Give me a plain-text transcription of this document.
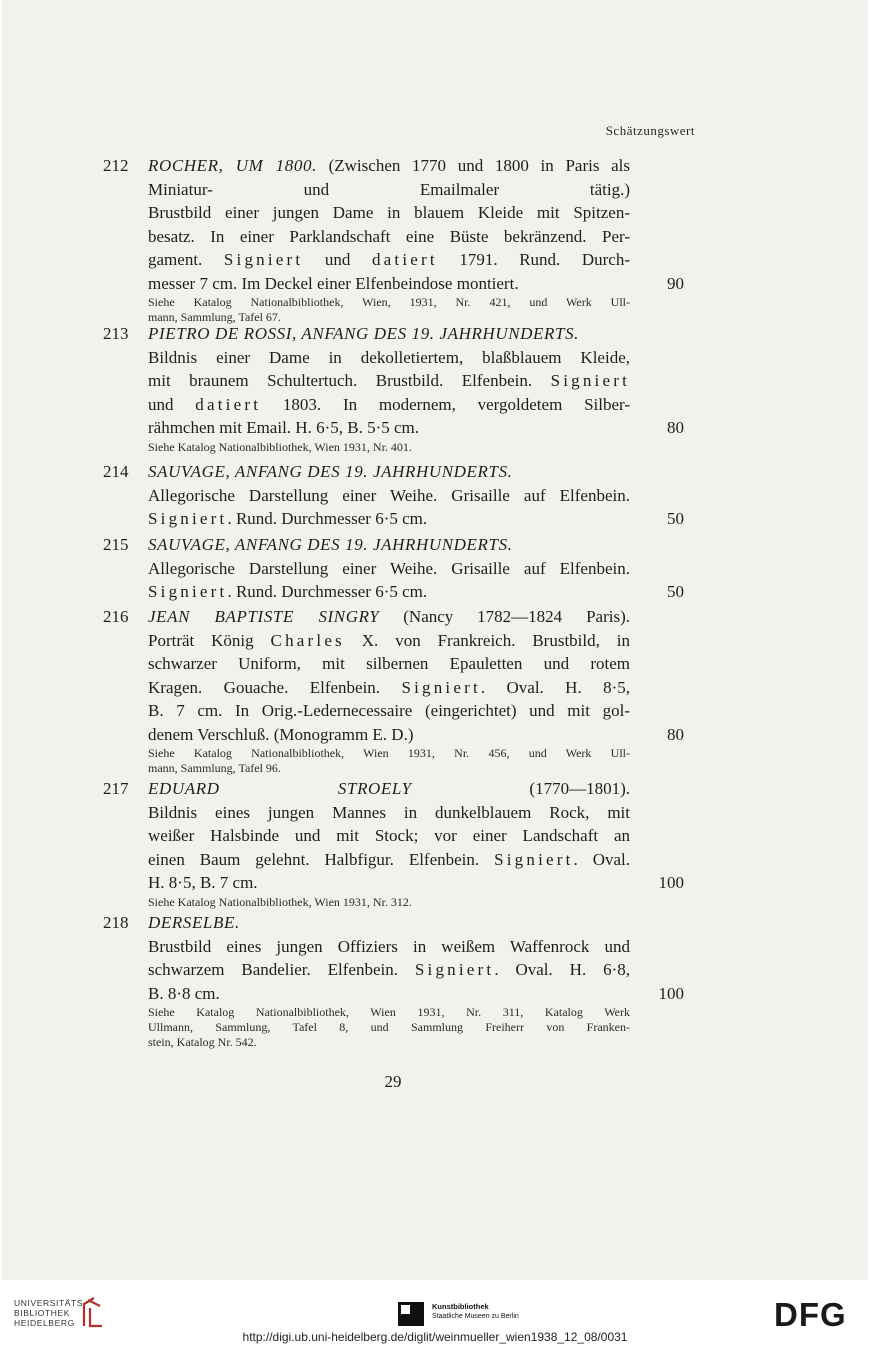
Schätzungswert
212 ROCHER, UM 1800. (Zwischen 1770 und 1800 in Paris als
Miniatur- und Emailmaler tätig.)
Brustbild einer jungen Dame in blauem Kleide mit Spitzen-
besatz. In einer Parklandschaft eine Büste bekränzend. Per-
gament. Signiert und datiert 1791. Rund. Durch-
messer 7 cm. Im Deckel einer Elfenbeindose montiert.
Siehe Katalog Nationalbibliothek, Wien, 1931, Nr. 421, und Werk Ull-
mann, Sammlung, Tafel 67.
90
213 PIETRO DE ROSSI, ANFANG DES 19. JAHRHUNDERTS.
Bildnis einer Dame in dekolletiertem, blaßblauem Kleide,
mit braunem Schultertuch. Brustbild. Elfenbein. Signiert
und datiert 1803. In modernem, vergoldetem Silber-
rähmchen mit Email. H. 6·5, B. 5·5 cm.
Siehe Katalog Nationalbibliothek, Wien 1931, Nr. 401.
80
214 SAUVAGE, ANFANG DES 19. JAHRHUNDERTS.
Allegorische Darstellung einer Weihe. Grisaille auf Elfenbein.
Signiert. Rund. Durchmesser 6·5 cm.	50
215 SAUVAGE, ANFANG DES 19. JAHRHUNDERTS.
Allegorische Darstellung einer Weihe. Grisaille auf Elfenbein.
Signiert. Rund. Durchmesser 6·5 cm.	50
216 JEAN BAPTISTE SINGRY (Nancy 1782—1824 Paris).
Porträt König Charles X. von Frankreich. Brustbild, in
schwarzer Uniform, mit silbernen Epauletten und rotem
Kragen. Gouache. Elfenbein. Signiert. Oval. H. 8·5,
B. 7 cm. In Orig.-Ledernecessaire (eingerichtet) und mit gol-
denem Verschluß. (Monogramm E. D.)
Siehe Katalog Nationalbibliothek, Wien 1931, Nr. 456, und Werk Ull-
mann, Sammlung, Tafel 96.
80
217 EDUARD STROELY (1770—1801).
Bildnis eines jungen Mannes in dunkelblauem Rock, mit
weißer Halsbinde und mit Stock; vor einer Landschaft an
einen Baum gelehnt. Halbfigur. Elfenbein. Signiert. Oval.
H. 8·5, B. 7 cm.
Siehe Katalog Nationalbibliothek, Wien 1931, Nr. 312.
100
218 DERSELBE.
Brustbild eines jungen Offiziers in weißem Waffenrock und
schwarzem Bandelier. Elfenbein. Signiert. Oval. H. 6·8,
B. 8·8 cm.
Siehe Katalog Nationalbibliothek, Wien 1931, Nr. 311, Katalog Werk
Ullmann, Sammlung, Tafel 8, und Sammlung Freiherr von Franken-
stein, Katalog Nr. 542.
100
29
UNIVERSITÄTS-
BIBLIOTHEK
HEIDELBERG
Kunstbibliothek
Staatliche Museen zu Berlin	DFG
http://digi.ub.uni-heidelberg.de/diglit/weinmueller_wien1938_12_08/0031
